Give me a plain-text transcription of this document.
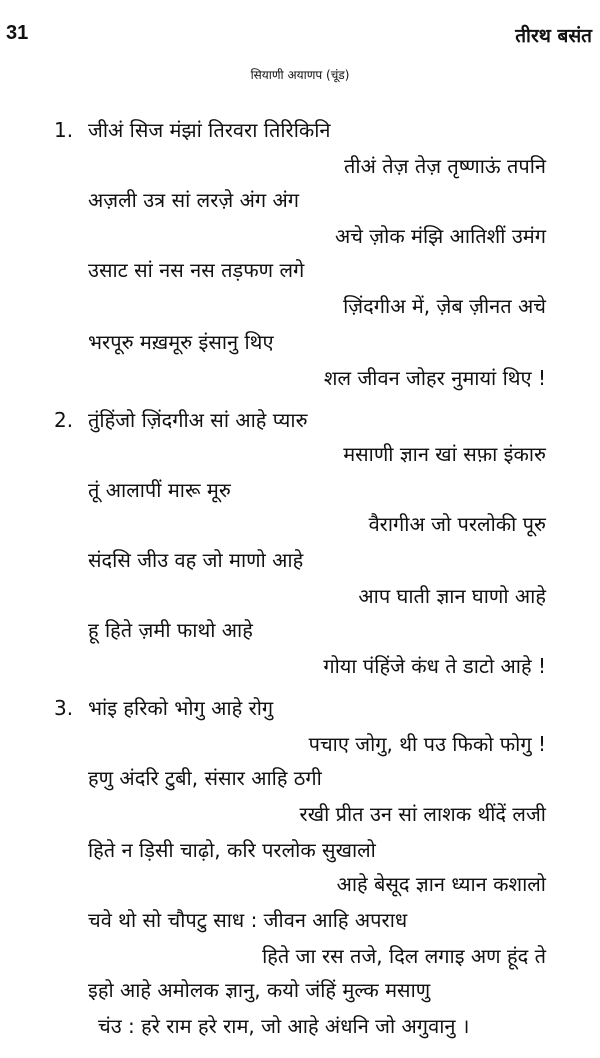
31	तीरथ बसंत
सियाणी अयाणप (चूंड)
1. जीअं सिज मंझां तिरवरा तिरिकिनि
तीअं तेज़ तेज़ तृष्णाऊं तपनि
अज़ली उत्र सां लरज़े अंग अंग
अचे ज़ोक मंझि आतिशीं उमंग
उसाट सां नस नस तड़फण लगे
ज़िंदगीअ में, ज़ेब ज़ीनत अचे
भरपूरु मख़मूरु इंसानु थिए
शल जीवन जोहर नुमायां थिए !
2. तुंहिंजो ज़िंदगीअ सां आहे प्यारु
मसाणी ज्ञान खां सफ़ा इंकारु
तूं आलापीं मारू मूरु
वैरागीअ जो परलोकी पूरु
संदसि जीउ वह जो माणो आहे
आप घाती ज्ञान घाणो आहे
हू हिते ज़मी फाथो आहे
गोया पंहिंजे कंध ते डाटो आहे !
3. भांइ हरिको भोगु आहे रोगु
पचाए जोगु, थी पउ फिको फोगु !
हणु अंदरि टुबी, संसार आहि ठगी
रखी प्रीत उन सां लाशक थींदें लजी
हिते न ड़िसी चाढ़ो, करि परलोक सुखालो
आहे बेसूद ज्ञान ध्यान कशालो
चवे थो सो चौपटु साध : जीवन आहि अपराध
हिते जा रस तजे, दिल लगाइ अण हूंद ते
इहो आहे अमोलक ज्ञानु, कयो जंहिं मुल्क मसाणु
चंउ : हरे राम हरे राम, जो आहे अंधनि जो अगुवानु ।
